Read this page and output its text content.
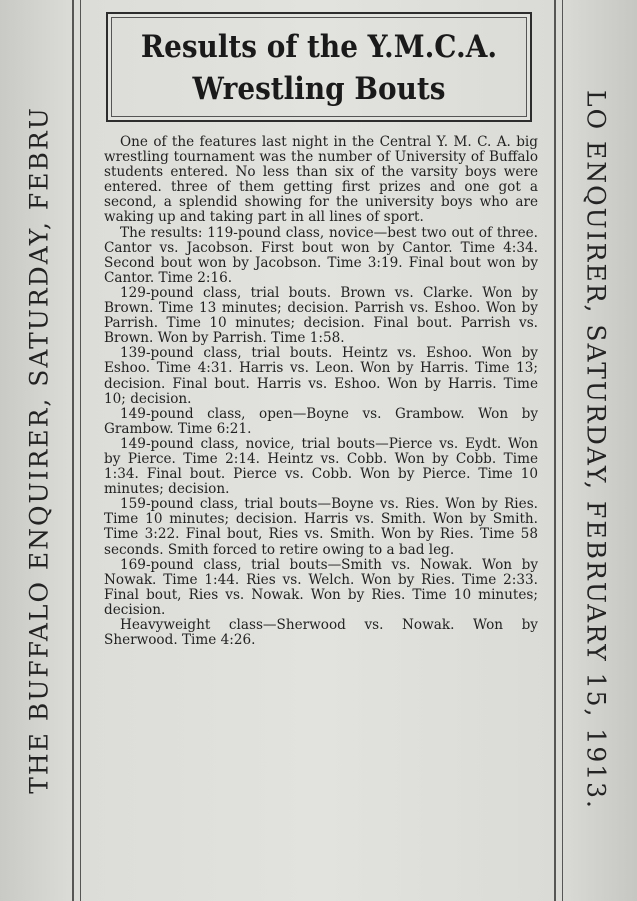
THE BUFFALO ENQUIRER, SATURDAY, FEBRU	LO ENQUIRER, SATURDAY, FEBRUARY 15, 1913.
Results of the Y.M.C.A.
Wrestling Bouts

One of the features last night in the Central Y. M. C. A. big wrestling tournament was the number of University of Buffalo students entered. No less than six of the varsity boys were entered. three of them getting first prizes and one got a second, a splendid showing for the university boys who are waking up and taking part in all lines of sport.

The results: 119-pound class, novice—best two out of three. Cantor vs. Jacobson. First bout won by Cantor. Time 4:34. Second bout won by Jacobson. Time 3:19. Final bout won by Cantor. Time 2:16.

129-pound class, trial bouts. Brown vs. Clarke. Won by Brown. Time 13 minutes; decision. Parrish vs. Eshoo. Won by Parrish. Time 10 minutes; decision. Final bout. Parrish vs. Brown. Won by Parrish. Time 1:58.

139-pound class, trial bouts. Heintz vs. Eshoo. Won by Eshoo. Time 4:31. Harris vs. Leon. Won by Harris. Time 13; decision. Final bout. Harris vs. Eshoo. Won by Harris. Time 10; decision.

149-pound class, open—Boyne vs. Grambow. Won by Grambow. Time 6:21.

149-pound class, novice, trial bouts—Pierce vs. Eydt. Won by Pierce. Time 2:14. Heintz vs. Cobb. Won by Cobb. Time 1:34. Final bout. Pierce vs. Cobb. Won by Pierce. Time 10 minutes; decision.

159-pound class, trial bouts—Boyne vs. Ries. Won by Ries. Time 10 minutes; decision. Harris vs. Smith. Won by Smith. Time 3:22. Final bout, Ries vs. Smith. Won by Ries. Time 58 seconds. Smith forced to retire owing to a bad leg.

169-pound class, trial bouts—Smith vs. Nowak. Won by Nowak. Time 1:44. Ries vs. Welch. Won by Ries. Time 2:33. Final bout, Ries vs. Nowak. Won by Ries. Time 10 minutes; decision.

Heavyweight class—Sherwood vs. Nowak. Won by Sherwood. Time 4:26.
